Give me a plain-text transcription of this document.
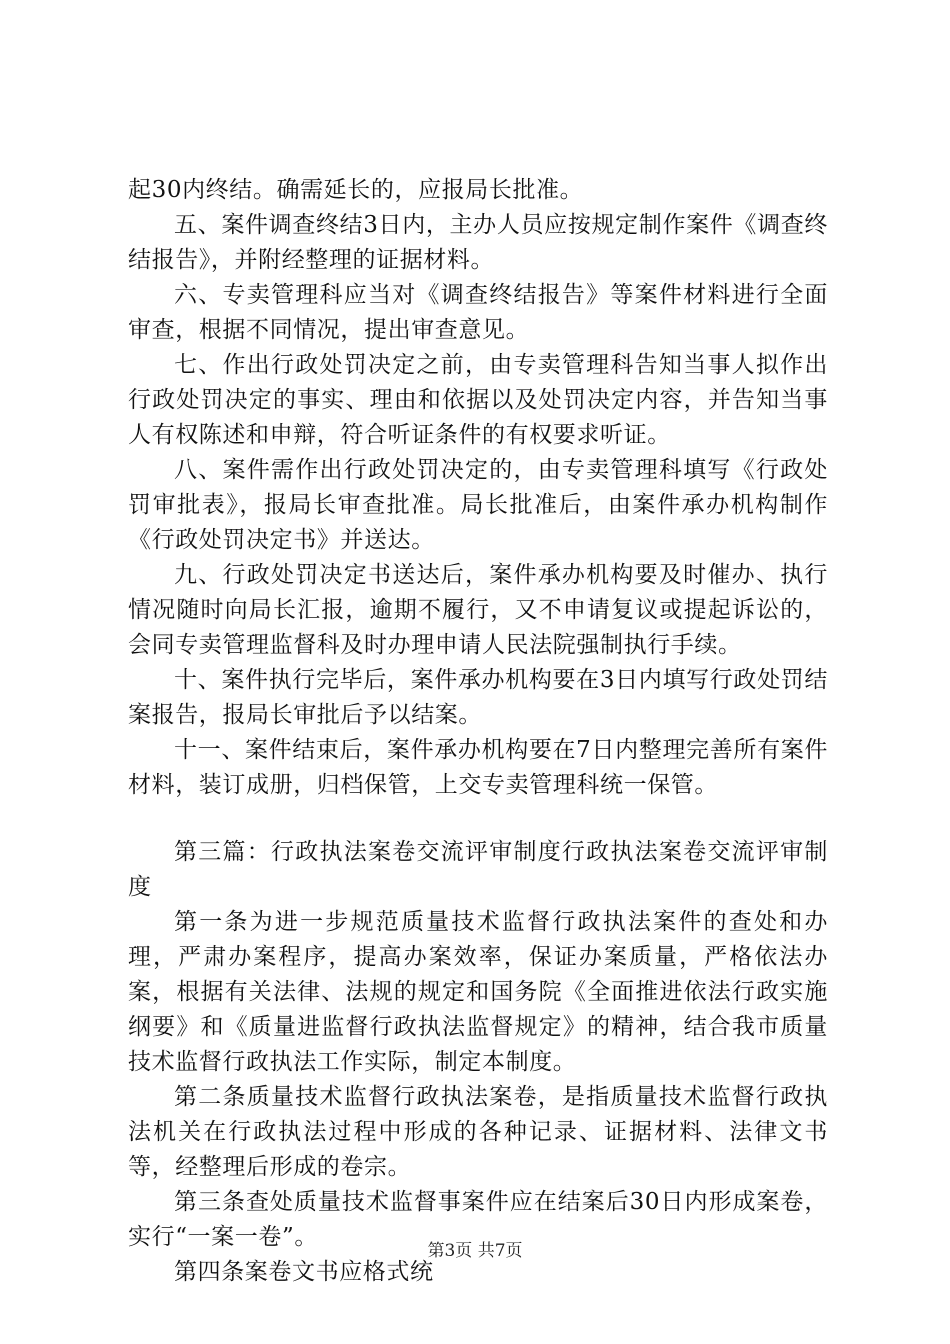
起30内终结。确需延长的，应报局长批准。

五、案件调查终结3日内，主办人员应按规定制作案件《调查终结报告》，并附经整理的证据材料。

六、专卖管理科应当对《调查终结报告》等案件材料进行全面审查，根据不同情况，提出审查意见。

七、作出行政处罚决定之前，由专卖管理科告知当事人拟作出行政处罚决定的事实、理由和依据以及处罚决定内容，并告知当事人有权陈述和申辩，符合听证条件的有权要求听证。

八、案件需作出行政处罚决定的，由专卖管理科填写《行政处罚审批表》，报局长审查批准。局长批准后，由案件承办机构制作《行政处罚决定书》并送达。

九、行政处罚决定书送达后，案件承办机构要及时催办、执行情况随时向局长汇报，逾期不履行，又不申请复议或提起诉讼的，会同专卖管理监督科及时办理申请人民法院强制执行手续。

十、案件执行完毕后，案件承办机构要在3日内填写行政处罚结案报告，报局长审批后予以结案。

十一、案件结束后，案件承办机构要在7日内整理完善所有案件材料，装订成册，归档保管，上交专卖管理科统一保管。

第三篇：行政执法案卷交流评审制度行政执法案卷交流评审制度

第一条为进一步规范质量技术监督行政执法案件的查处和办理，严肃办案程序，提高办案效率，保证办案质量，严格依法办案，根据有关法律、法规的规定和国务院《全面推进依法行政实施纲要》和《质量进监督行政执法监督规定》的精神，结合我市质量技术监督行政执法工作实际，制定本制度。

第二条质量技术监督行政执法案卷，是指质量技术监督行政执法机关在行政执法过程中形成的各种记录、证据材料、法律文书等，经整理后形成的卷宗。

第三条查处质量技术监督事案件应在结案后30日内形成案卷，实行“一案一卷”。

第四条案卷文书应格式统

第3页 共7页
